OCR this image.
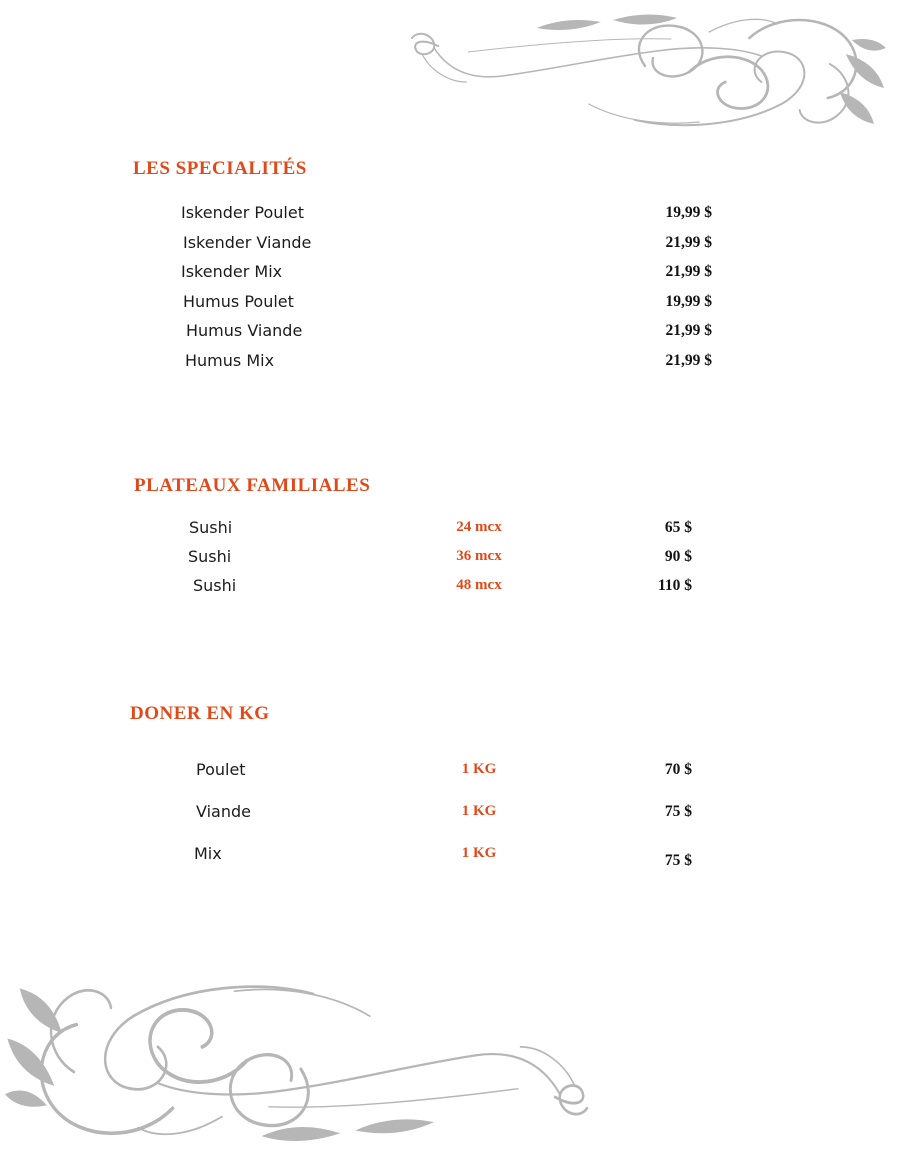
LES SPECIALITÉS
Iskender Poulet	19,99 $
Iskender Viande	21,99 $
Iskender Mix	21,99 $
Humus Poulet	19,99 $
Humus Viande	21,99 $
Humus Mix	21,99 $
PLATEAUX FAMILIALES
Sushi	24 mcx	65 $
Sushi	36 mcx	90 $
Sushi	48 mcx	110 $
DONER EN KG
Poulet	1 KG	70 $
Viande	1 KG	75 $
Mix	1 KG	75 $
